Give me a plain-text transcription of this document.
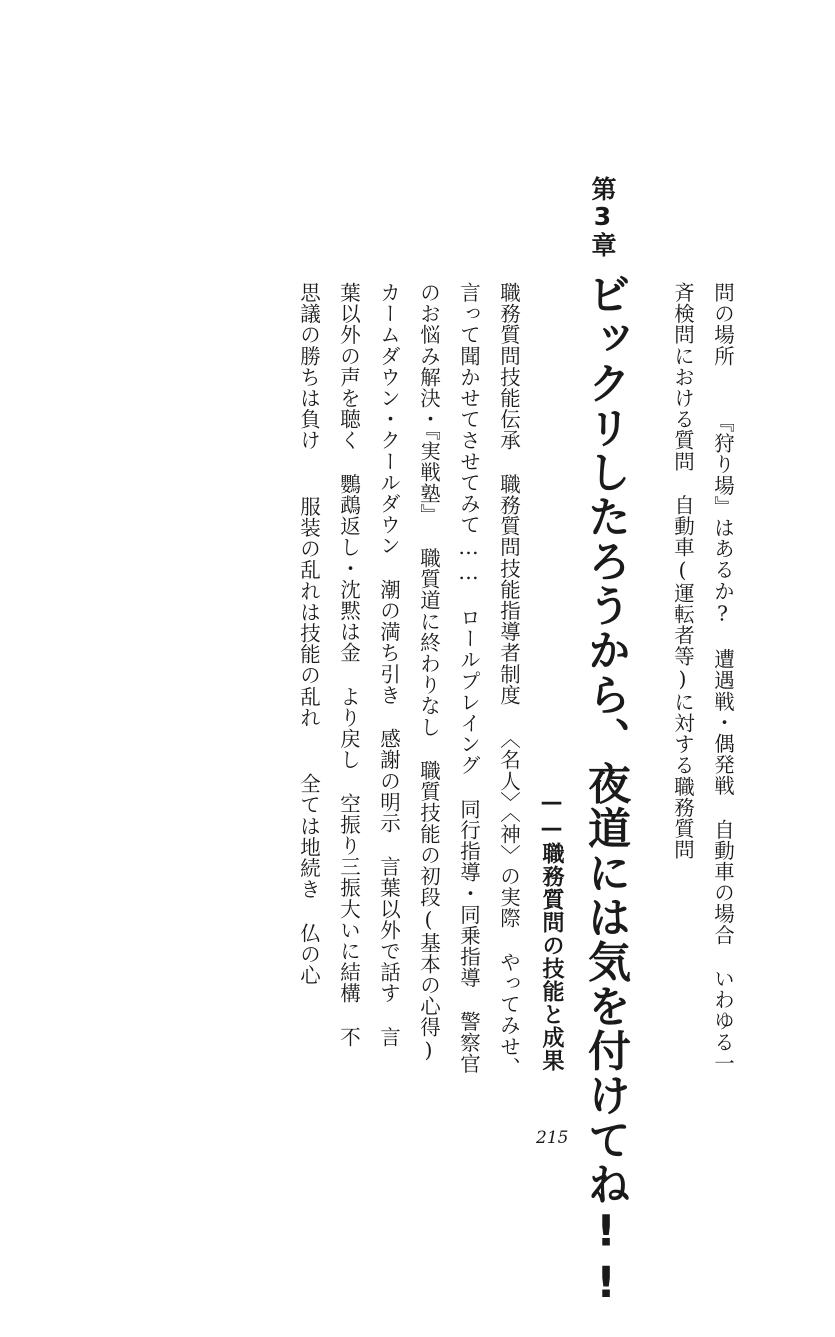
第3章
ビックリしたろうから、夜道には気を付けてね!!
——職務質問の技能と成果
215
問の場所『狩り場』はあるか?遭遇戦・偶発戦自動車の場合いわゆる一
斉検問における質問自動車(運転者等)に対する職務質問
職務質問技能伝承職務質問技能指導者制度〈名人〉〈神〉の実際やってみせ、
言って聞かせてさせてみて……ロールプレイング同行指導・同乗指導警察官
のお悩み解決・『実戦塾』職質道に終わりなし職質技能の初段(基本の心得)
カームダウン・クールダウン潮の満ち引き感謝の明示言葉以外で話す言
葉以外の声を聴く鸚鵡返し・沈黙は金より戻し空振り三振大いに結構不
思議の勝ちは負け服装の乱れは技能の乱れ全ては地続き仏の心
